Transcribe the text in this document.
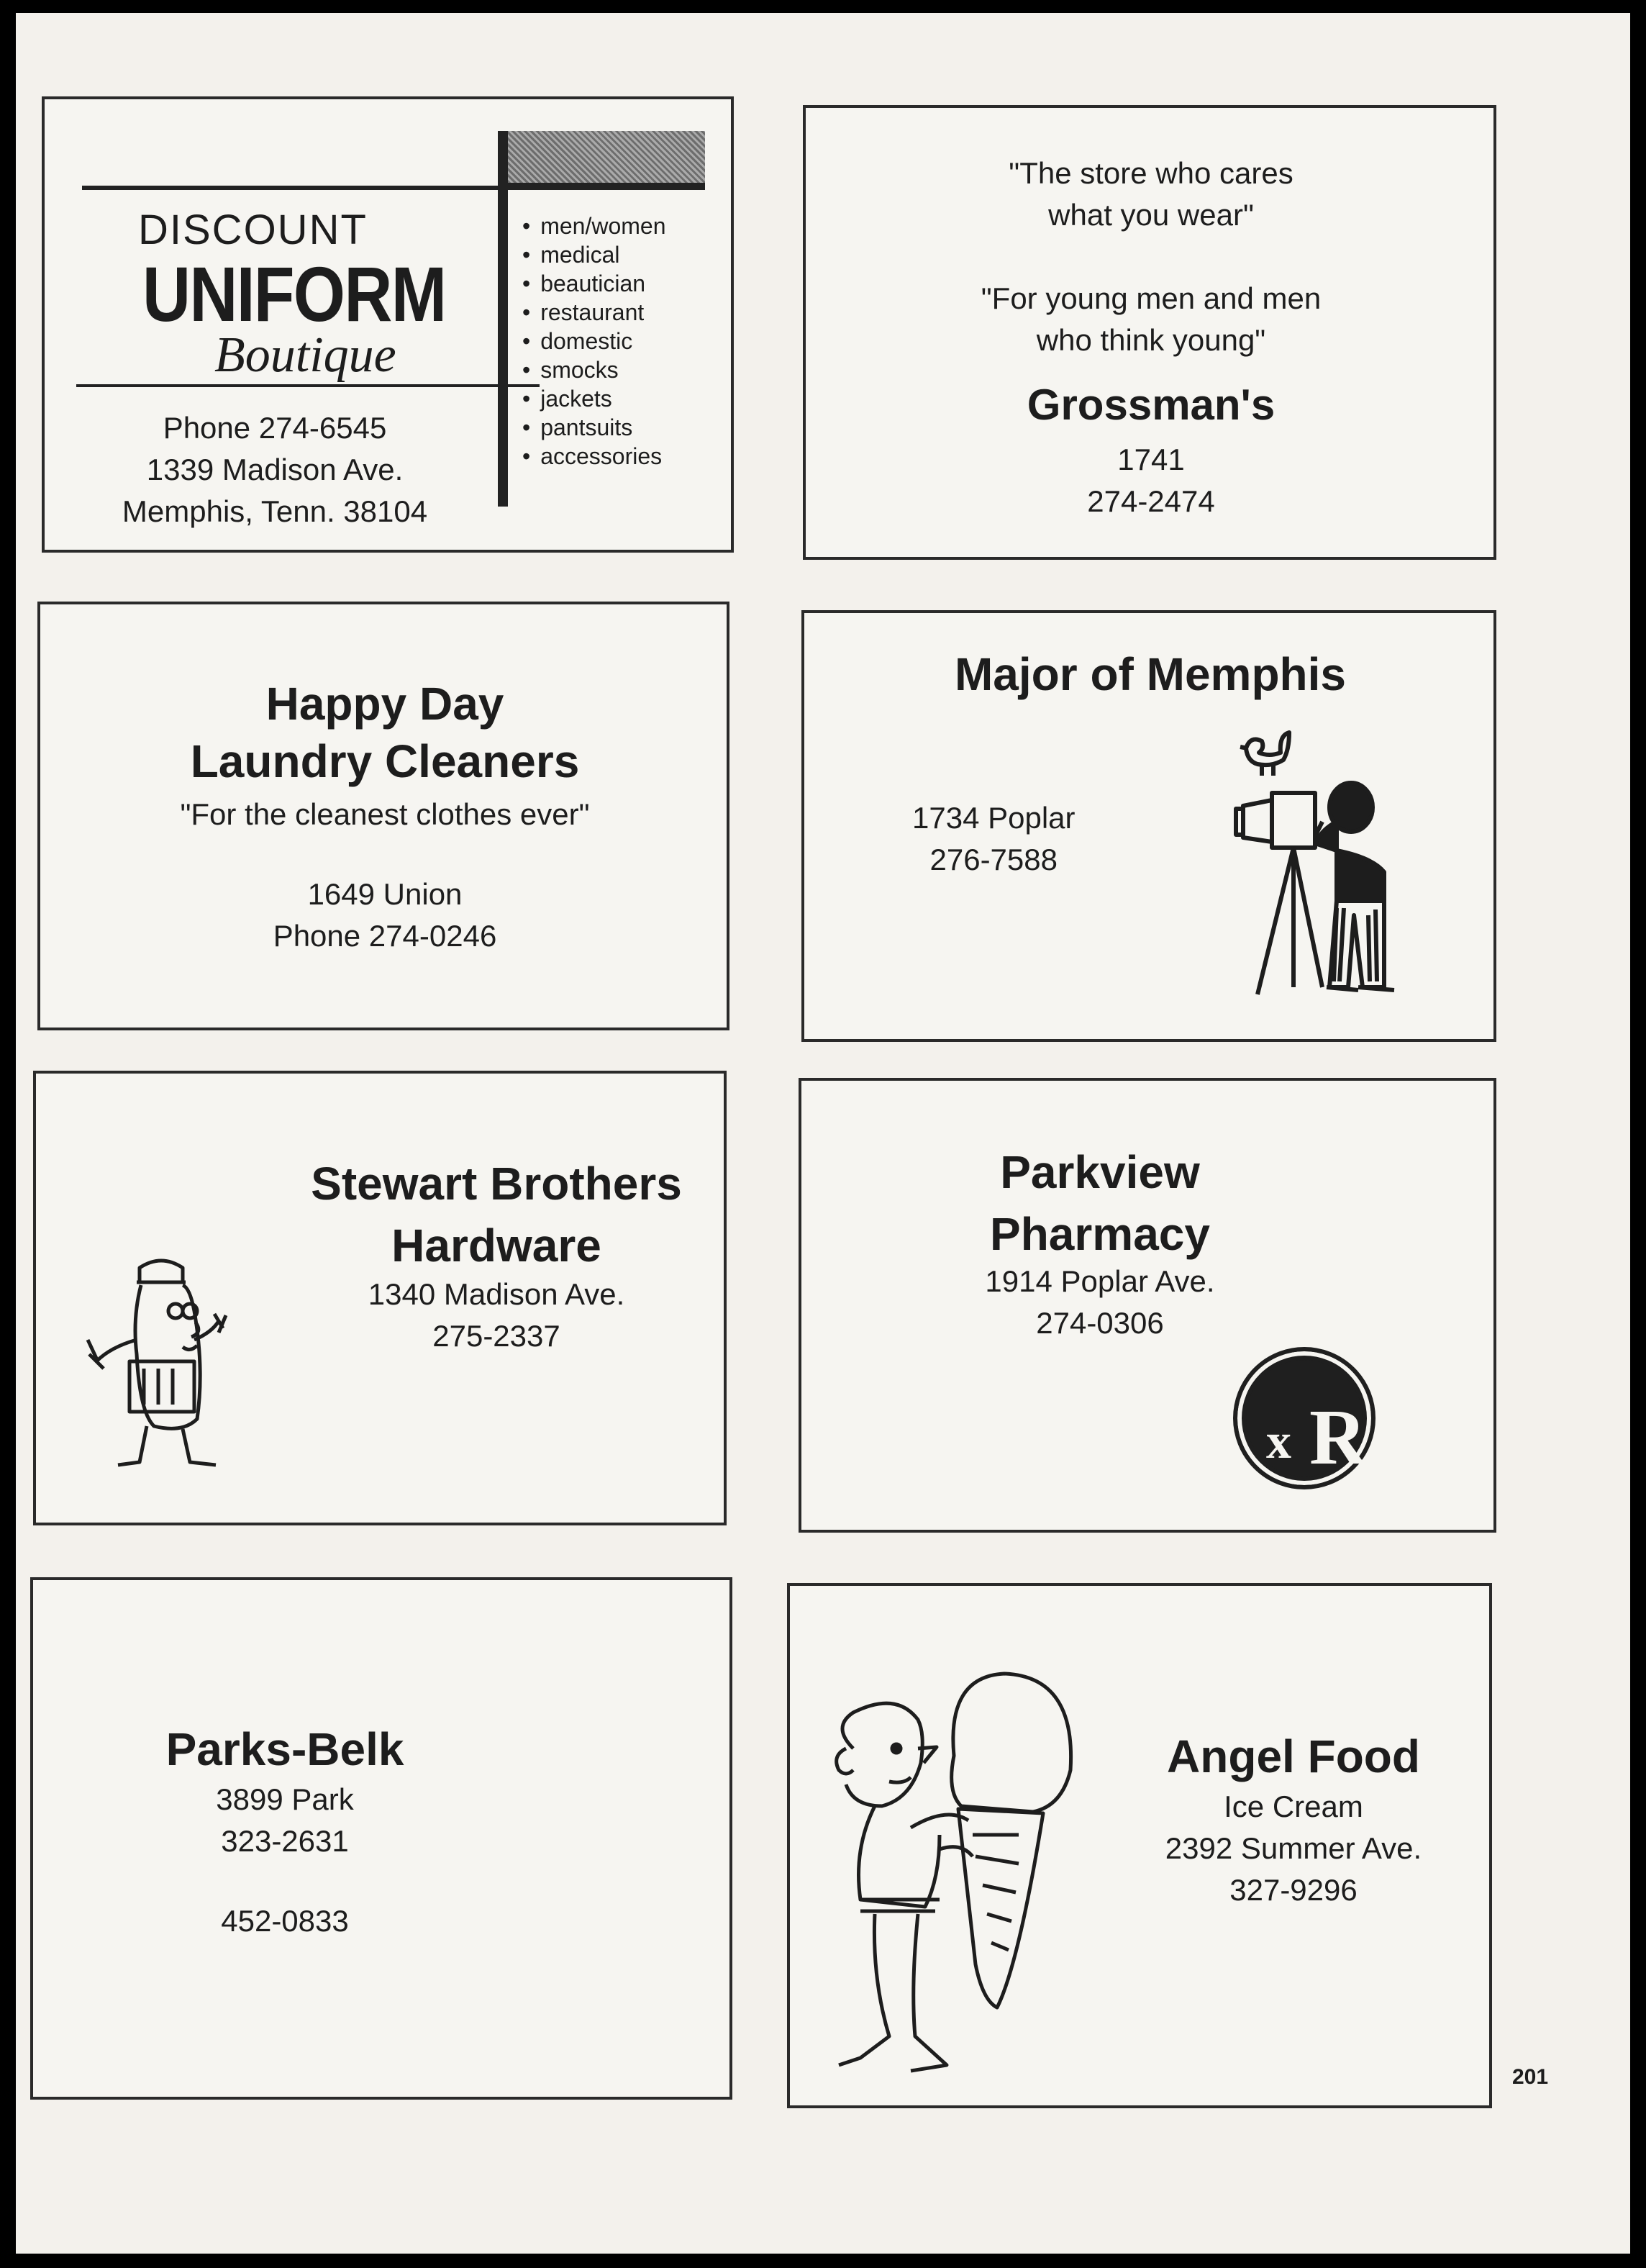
DISCOUNT
UNIFORM
Boutique
Phone 274-6545
1339 Madison Ave.
Memphis, Tenn. 38104
• men/women
• medical
• beautician
• restaurant
• domestic
• smocks
• jackets
• pantsuits
• accessories
"The store who cares
what you wear"
"For young men and men
who think young"
Grossman's
1741
274-2474
Happy Day
Laundry Cleaners
"For the cleanest clothes ever"
1649 Union
Phone 274-0246
Major of Memphis
1734 Poplar
276-7588
Stewart Brothers
Hardware
1340 Madison Ave.
275-2337
Parkview
Pharmacy
1914 Poplar Ave.
274-0306
R
$_x$
Parks-Belk
3899 Park
323-2631
452-0833
Angel Food
Ice Cream
2392 Summer Ave.
327-9296
201
